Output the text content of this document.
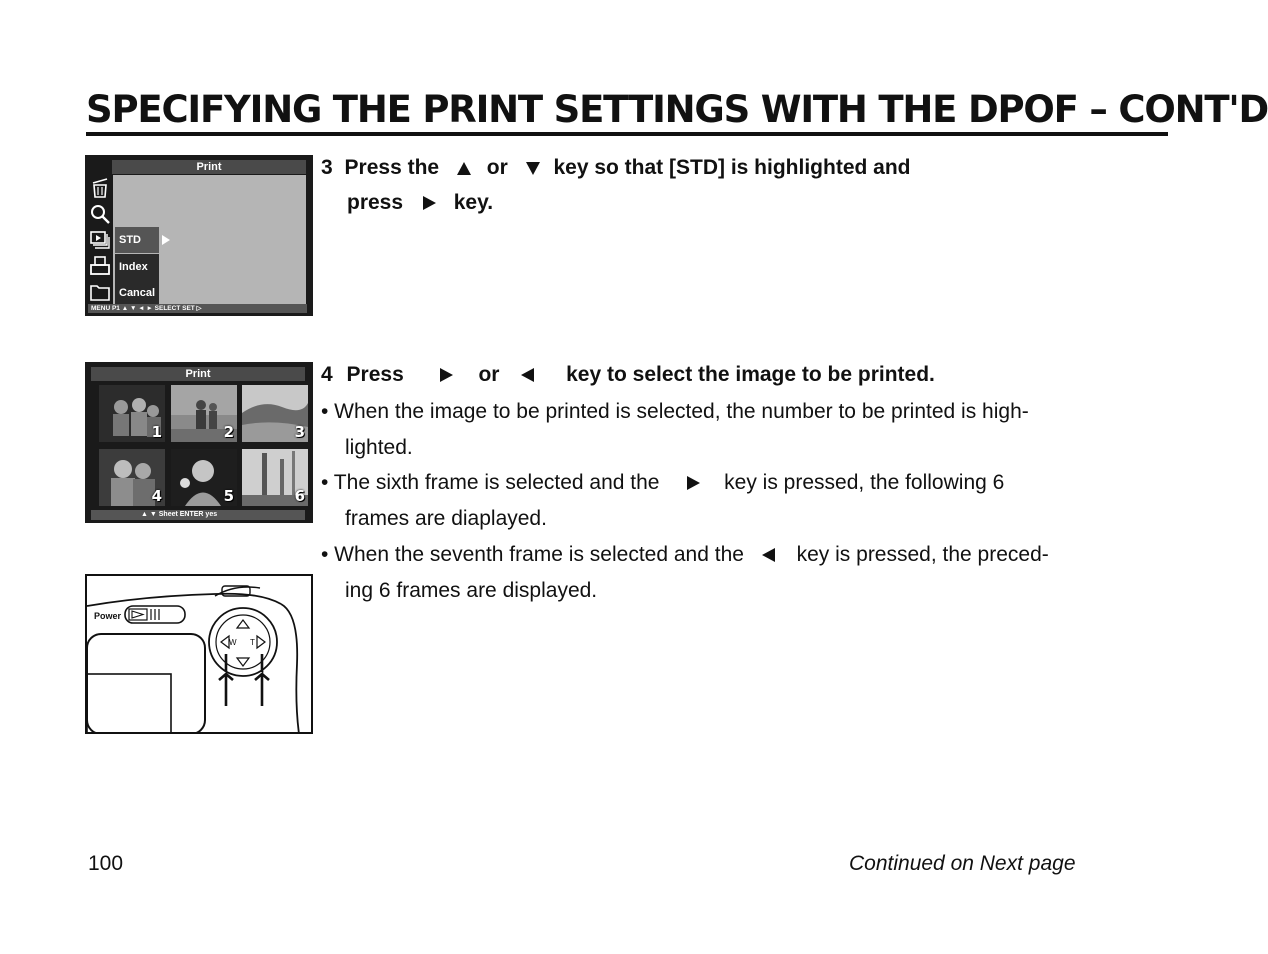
SPECIFYING THE PRINT SETTINGS WITH THE DPOF – CONT'D
Print
STD
Index
Cancal
MENU P1 ▲ ▼ ◄ ► SELECT SET ▷
Print
1	2	3
4	5	6
▲ ▼ Sheet ENTER yes
Power
W T
3 Press the or key so that [STD] is highlighted and
press key.
4 Press	or	key to select the image to be printed.
• When the image to be printed is selected, the number to be printed is high-
lighted.
• The sixth frame is selected and the	key is pressed, the following 6
frames are diaplayed.
• When the seventh frame is selected and the	key is pressed, the preced-
ing 6 frames are displayed.
100	Continued on Next page
